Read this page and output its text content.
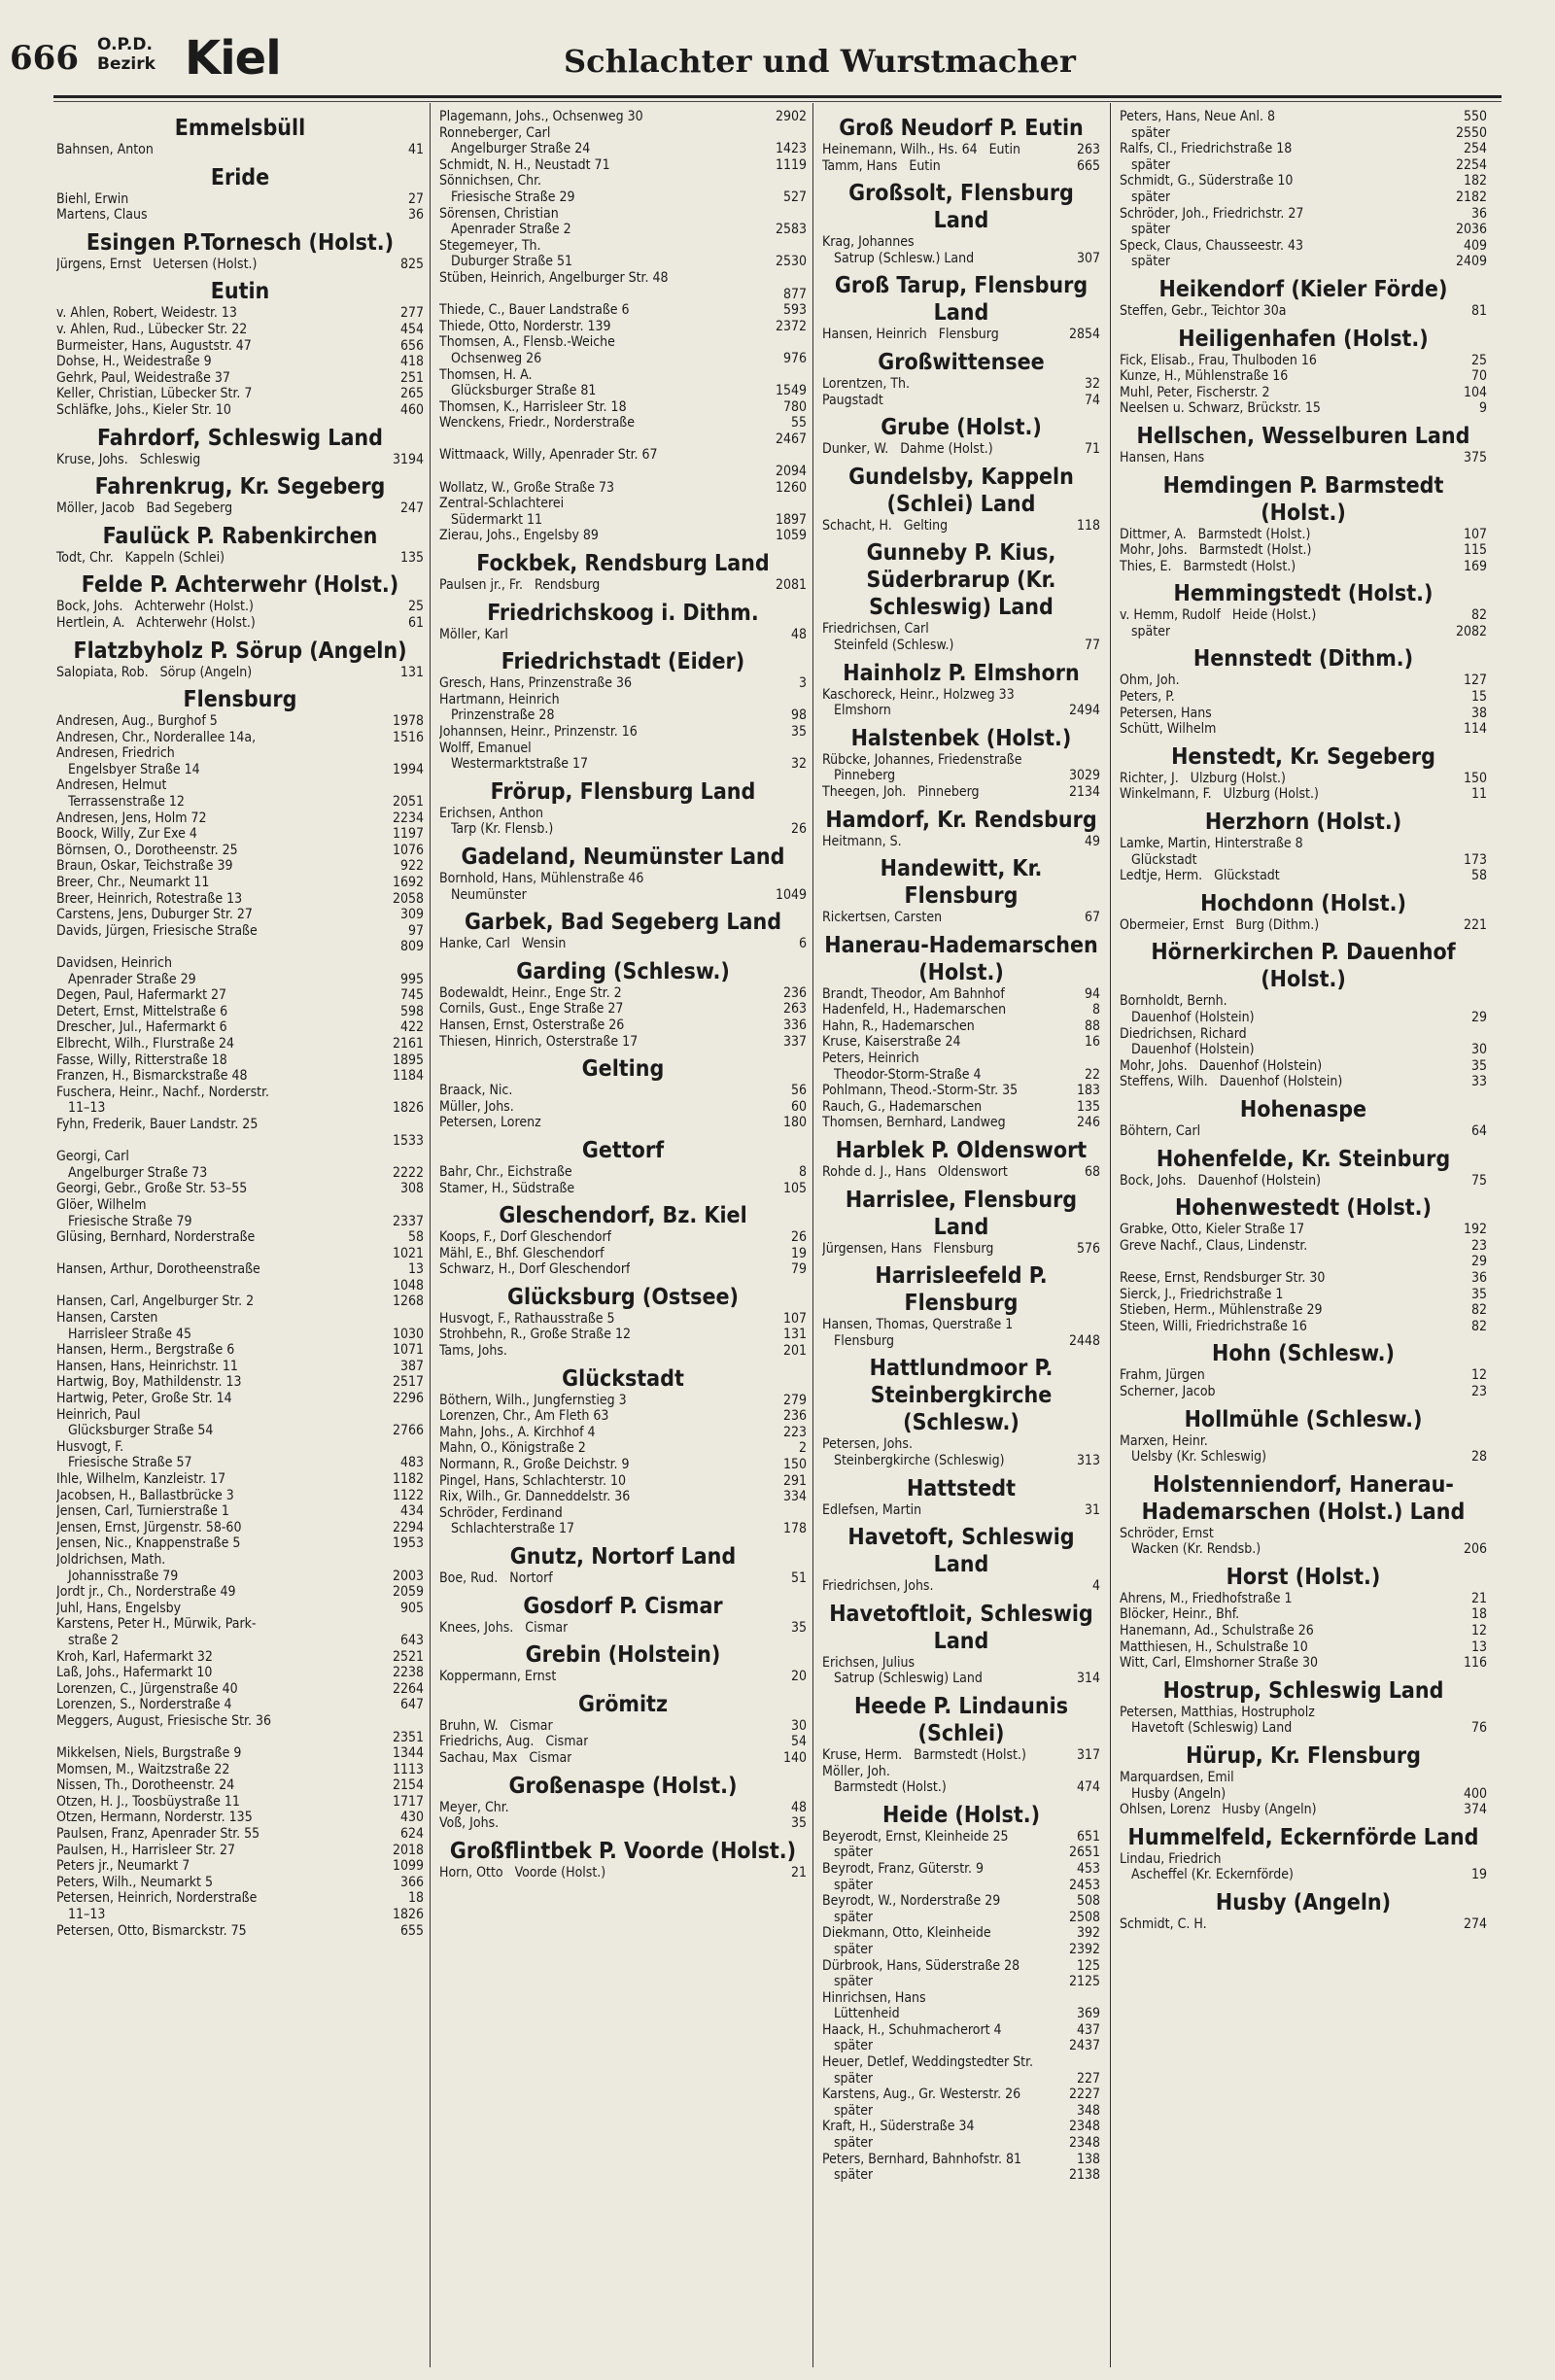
666 O.P.D.
Bezirk Kiel	Schlachter und Wurstmacher
Emmelsbüll
Bahnsen, Anton	41
Eride
Biehl, Erwin	27
Martens, Claus	36
Esingen P.Tornesch (Holst.)
Jürgens, Ernst   Uetersen (Holst.)	825
Eutin
v. Ahlen, Robert, Weidestr. 13	277
v. Ahlen, Rud., Lübecker Str. 22	454
Burmeister, Hans, Auguststr. 47	656
Dohse, H., Weidestraße 9	418
Gehrk, Paul, Weidestraße 37	251
Keller, Christian, Lübecker Str. 7	265
Schläfke, Johs., Kieler Str. 10	460
Fahrdorf, Schleswig Land
Kruse, Johs.   Schleswig	3194
Fahrenkrug, Kr. Segeberg
Möller, Jacob   Bad Segeberg	247
Faulück P. Rabenkirchen
Todt, Chr.   Kappeln (Schlei)	135
Felde P. Achterwehr (Holst.)
Bock, Johs.   Achterwehr (Holst.)	25
Hertlein, A.   Achterwehr (Holst.)	61
Flatzbyholz P. Sörup (Angeln)
Salopiata, Rob.   Sörup (Angeln)	131
Flensburg
Andresen, Aug., Burghof 5	1978
Andresen, Chr., Norderallee 14a,	1516
Andresen, Friedrich
Engelsbyer Straße 14	1994
Andresen, Helmut
Terrassenstraße 12	2051
Andresen, Jens, Holm 72	2234
Boock, Willy, Zur Exe 4	1197
Börnsen, O., Dorotheenstr. 25	1076
Braun, Oskar, Teichstraße 39	922
Breer, Chr., Neumarkt 11	1692
Breer, Heinrich, Rotestraße 13	2058
Carstens, Jens, Duburger Str. 27	309
Davids, Jürgen, Friesische Straße	97
809
Davidsen, Heinrich
Apenrader Straße 29	995
Degen, Paul, Hafermarkt 27	745
Detert, Ernst, Mittelstraße 6	598
Drescher, Jul., Hafermarkt 6	422
Elbrecht, Wilh., Flurstraße 24	2161
Fasse, Willy, Ritterstraße 18	1895
Franzen, H., Bismarckstraße 48	1184
Fuschera, Heinr., Nachf., Norderstr.
11–13	1826
Fyhn, Frederik, Bauer Landstr. 25
1533
Georgi, Carl
Angelburger Straße 73	2222
Georgi, Gebr., Große Str. 53–55	308
Glöer, Wilhelm
Friesische Straße 79	2337
Glüsing, Bernhard, Norderstraße	58
1021
Hansen, Arthur, Dorotheenstraße	13
1048
Hansen, Carl, Angelburger Str. 2	1268
Hansen, Carsten
Harrisleer Straße 45	1030
Hansen, Herm., Bergstraße 6	1071
Hansen, Hans, Heinrichstr. 11	387
Hartwig, Boy, Mathildenstr. 13	2517
Hartwig, Peter, Große Str. 14	2296
Heinrich, Paul
Glücksburger Straße 54	2766
Husvogt, F.
Friesische Straße 57	483
Ihle, Wilhelm, Kanzleistr. 17	1182
Jacobsen, H., Ballastbrücke 3	1122
Jensen, Carl, Turnierstraße 1	434
Jensen, Ernst, Jürgenstr. 58-60	2294
Jensen, Nic., Knappenstraße 5	1953
Joldrichsen, Math.
Johannisstraße 79	2003
Jordt jr., Ch., Norderstraße 49	2059
Juhl, Hans, Engelsby	905
Karstens, Peter H., Mürwik, Park-
straße 2	643
Kroh, Karl, Hafermarkt 32	2521
Laß, Johs., Hafermarkt 10	2238
Lorenzen, C., Jürgenstraße 40	2264
Lorenzen, S., Norderstraße 4	647
Meggers, August, Friesische Str. 36
2351
Mikkelsen, Niels, Burgstraße 9	1344
Momsen, M., Waitzstraße 22	1113
Nissen, Th., Dorotheenstr. 24	2154
Otzen, H. J., Toosbüystraße 11	1717
Otzen, Hermann, Norderstr. 135	430
Paulsen, Franz, Apenrader Str. 55	624
Paulsen, H., Harrisleer Str. 27	2018
Peters jr., Neumarkt 7	1099
Peters, Wilh., Neumarkt 5	366
Petersen, Heinrich, Norderstraße	18
11–13	1826
Petersen, Otto, Bismarckstr. 75	655
Plagemann, Johs., Ochsenweg 30	2902
Ronneberger, Carl
Angelburger Straße 24	1423
Schmidt, N. H., Neustadt 71	1119
Sönnichsen, Chr.
Friesische Straße 29	527
Sörensen, Christian
Apenrader Straße 2	2583
Stegemeyer, Th.
Duburger Straße 51	2530
Stüben, Heinrich, Angelburger Str. 48
877
Thiede, C., Bauer Landstraße 6	593
Thiede, Otto, Norderstr. 139	2372
Thomsen, A., Flensb.-Weiche
Ochsenweg 26	976
Thomsen, H. A.
Glücksburger Straße 81	1549
Thomsen, K., Harrisleer Str. 18	780
Wenckens, Friedr., Norderstraße	55
2467
Wittmaack, Willy, Apenrader Str. 67
2094
Wollatz, W., Große Straße 73	1260
Zentral-Schlachterei
Südermarkt 11	1897
Zierau, Johs., Engelsby 89	1059
Fockbek, Rendsburg Land
Paulsen jr., Fr.   Rendsburg	2081
Friedrichskoog i. Dithm.
Möller, Karl	48
Friedrichstadt (Eider)
Gresch, Hans, Prinzenstraße 36	3
Hartmann, Heinrich
Prinzenstraße 28	98
Johannsen, Heinr., Prinzenstr. 16	35
Wolff, Emanuel
Westermarktstraße 17	32
Frörup, Flensburg Land
Erichsen, Anthon
Tarp (Kr. Flensb.)	26
Gadeland, Neumünster Land
Bornhold, Hans, Mühlenstraße 46
Neumünster	1049
Garbek, Bad Segeberg Land
Hanke, Carl   Wensin	6
Garding (Schlesw.)
Bodewaldt, Heinr., Enge Str. 2	236
Cornils, Gust., Enge Straße 27	263
Hansen, Ernst, Osterstraße 26	336
Thiesen, Hinrich, Osterstraße 17	337
Gelting
Braack, Nic.	56
Müller, Johs.	60
Petersen, Lorenz	180
Gettorf
Bahr, Chr., Eichstraße	8
Stamer, H., Südstraße	105
Gleschendorf, Bz. Kiel
Koops, F., Dorf Gleschendorf	26
Mähl, E., Bhf. Gleschendorf	19
Schwarz, H., Dorf Gleschendorf	79
Glücksburg (Ostsee)
Husvogt, F., Rathausstraße 5	107
Strohbehn, R., Große Straße 12	131
Tams, Johs.	201
Glückstadt
Böthern, Wilh., Jungfernstieg 3	279
Lorenzen, Chr., Am Fleth 63	236
Mahn, Johs., A. Kirchhof 4	223
Mahn, O., Königstraße 2	2
Normann, R., Große Deichstr. 9	150
Pingel, Hans, Schlachterstr. 10	291
Rix, Wilh., Gr. Danneddelstr. 36	334
Schröder, Ferdinand
Schlachterstraße 17	178
Gnutz, Nortorf Land
Boe, Rud.   Nortorf	51
Gosdorf P. Cismar
Knees, Johs.   Cismar	35
Grebin (Holstein)
Koppermann, Ernst	20
Grömitz
Bruhn, W.   Cismar	30
Friedrichs, Aug.   Cismar	54
Sachau, Max   Cismar	140
Großenaspe (Holst.)
Meyer, Chr.	48
Voß, Johs.	35
Großflintbek P. Voorde (Holst.)
Horn, Otto   Voorde (Holst.)	21
Groß Neudorf P. Eutin
Heinemann, Wilh., Hs. 64   Eutin	263
Tamm, Hans   Eutin	665
Großsolt, Flensburg Land
Krag, Johannes
Satrup (Schlesw.) Land	307
Groß Tarup, Flensburg Land
Hansen, Heinrich   Flensburg	2854
Großwittensee
Lorentzen, Th.	32
Paugstadt	74
Grube (Holst.)
Dunker, W.   Dahme (Holst.)	71
Gundelsby, Kappeln (Schlei) Land
Schacht, H.   Gelting	118
Gunneby P. Kius, Süderbrarup (Kr. Schleswig) Land
Friedrichsen, Carl
Steinfeld (Schlesw.)	77
Hainholz P. Elmshorn
Kaschoreck, Heinr., Holzweg 33
Elmshorn	2494
Halstenbek (Holst.)
Rübcke, Johannes, Friedenstraße
Pinneberg	3029
Theegen, Joh.   Pinneberg	2134
Hamdorf, Kr. Rendsburg
Heitmann, S.	49
Handewitt, Kr. Flensburg
Rickertsen, Carsten	67
Hanerau-Hademarschen (Holst.)
Brandt, Theodor, Am Bahnhof	94
Hadenfeld, H., Hademarschen	8
Hahn, R., Hademarschen	88
Kruse, Kaiserstraße 24	16
Peters, Heinrich
Theodor-Storm-Straße 4	22
Pohlmann, Theod.-Storm-Str. 35	183
Rauch, G., Hademarschen	135
Thomsen, Bernhard, Landweg	246
Harblek P. Oldenswort
Rohde d. J., Hans   Oldenswort	68
Harrislee, Flensburg Land
Jürgensen, Hans   Flensburg	576
Harrisleefeld P. Flensburg
Hansen, Thomas, Querstraße 1
Flensburg	2448
Hattlundmoor P. Steinbergkirche (Schlesw.)
Petersen, Johs.
Steinbergkirche (Schleswig)	313
Hattstedt
Edlefsen, Martin	31
Havetoft, Schleswig Land
Friedrichsen, Johs.	4
Havetoftloit, Schleswig Land
Erichsen, Julius
Satrup (Schleswig) Land	314
Heede P. Lindaunis (Schlei)
Kruse, Herm.   Barmstedt (Holst.)	317
Möller, Joh.
Barmstedt (Holst.)	474
Heide (Holst.)
Beyerodt, Ernst, Kleinheide 25	651
später	2651
Beyrodt, Franz, Güterstr. 9	453
später	2453
Beyrodt, W., Norderstraße 29	508
später	2508
Diekmann, Otto, Kleinheide	392
später	2392
Dürbrook, Hans, Süderstraße 28	125
später	2125
Hinrichsen, Hans
Lüttenheid	369
Haack, H., Schuhmacherort 4	437
später	2437
Heuer, Detlef, Weddingstedter Str.
später	227
Karstens, Aug., Gr. Westerstr. 26	2227
später	348
Kraft, H., Süderstraße 34	2348
später	2348
Peters, Bernhard, Bahnhofstr. 81	138
später	2138
Peters, Hans, Neue Anl. 8	550
später	2550
Ralfs, Cl., Friedrichstraße 18	254
später	2254
Schmidt, G., Süderstraße 10	182
später	2182
Schröder, Joh., Friedrichstr. 27	36
später	2036
Speck, Claus, Chausseestr. 43	409
später	2409
Heikendorf (Kieler Förde)
Steffen, Gebr., Teichtor 30a	81
Heiligenhafen (Holst.)
Fick, Elisab., Frau, Thulboden 16	25
Kunze, H., Mühlenstraße 16	70
Muhl, Peter, Fischerstr. 2	104
Neelsen u. Schwarz, Brückstr. 15	9
Hellschen, Wesselburen Land
Hansen, Hans	375
Hemdingen P. Barmstedt (Holst.)
Dittmer, A.   Barmstedt (Holst.)	107
Mohr, Johs.   Barmstedt (Holst.)	115
Thies, E.   Barmstedt (Holst.)	169
Hemmingstedt (Holst.)
v. Hemm, Rudolf   Heide (Holst.)	82
später	2082
Hennstedt (Dithm.)
Ohm, Joh.	127
Peters, P.	15
Petersen, Hans	38
Schütt, Wilhelm	114
Henstedt, Kr. Segeberg
Richter, J.   Ulzburg (Holst.)	150
Winkelmann, F.   Ulzburg (Holst.)	11
Herzhorn (Holst.)
Lamke, Martin, Hinterstraße 8
Glückstadt	173
Ledtje, Herm.   Glückstadt	58
Hochdonn (Holst.)
Obermeier, Ernst   Burg (Dithm.)	221
Hörnerkirchen P. Dauenhof (Holst.)
Bornholdt, Bernh.
Dauenhof (Holstein)	29
Diedrichsen, Richard
Dauenhof (Holstein)	30
Mohr, Johs.   Dauenhof (Holstein)	35
Steffens, Wilh.   Dauenhof (Holstein)	33
Hohenaspe
Böhtern, Carl	64
Hohenfelde, Kr. Steinburg
Bock, Johs.   Dauenhof (Holstein)	75
Hohenwestedt (Holst.)
Grabke, Otto, Kieler Straße 17	192
Greve Nachf., Claus, Lindenstr.	23
29
Reese, Ernst, Rendsburger Str. 30	36
Sierck, J., Friedrichstraße 1	35
Stieben, Herm., Mühlenstraße 29	82
Steen, Willi, Friedrichstraße 16	82
Hohn (Schlesw.)
Frahm, Jürgen	12
Scherner, Jacob	23
Hollmühle (Schlesw.)
Marxen, Heinr.
Uelsby (Kr. Schleswig)	28
Holstenniendorf, Hanerau-Hademarschen (Holst.) Land
Schröder, Ernst
Wacken (Kr. Rendsb.)	206
Horst (Holst.)
Ahrens, M., Friedhofstraße 1	21
Blöcker, Heinr., Bhf.	18
Hanemann, Ad., Schulstraße 26	12
Matthiesen, H., Schulstraße 10	13
Witt, Carl, Elmshorner Straße 30	116
Hostrup, Schleswig Land
Petersen, Matthias, Hostrupholz
Havetoft (Schleswig) Land	76
Hürup, Kr. Flensburg
Marquardsen, Emil
Husby (Angeln)	400
Ohlsen, Lorenz   Husby (Angeln)	374
Hummelfeld, Eckernförde Land
Lindau, Friedrich
Ascheffel (Kr. Eckernförde)	19
Husby (Angeln)
Schmidt, C. H.	274
